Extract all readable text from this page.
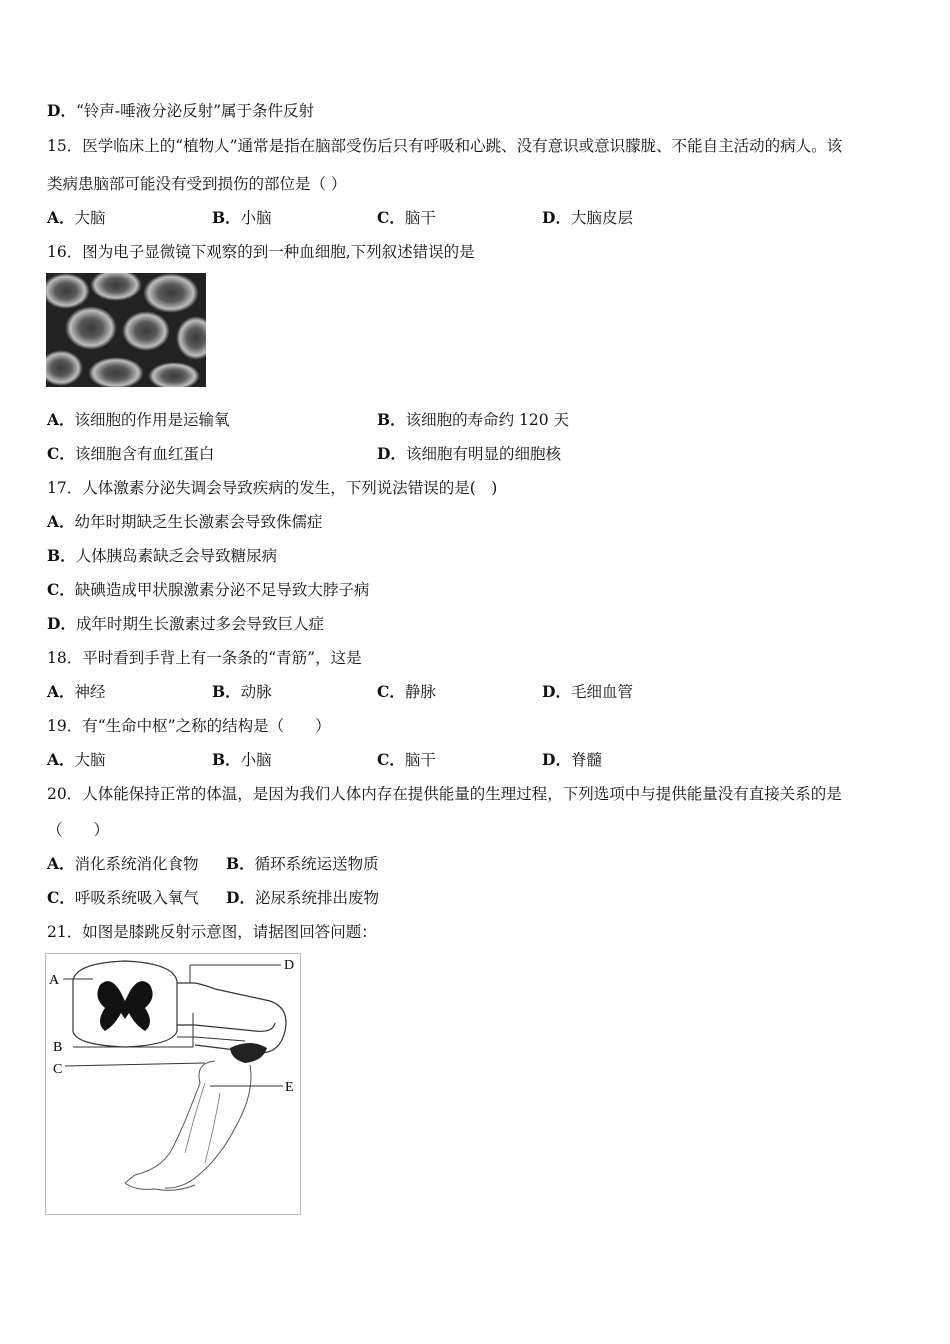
D．“铃声-唾液分泌反射”属于条件反射
15．医学临床上的“植物人”通常是指在脑部受伤后只有呼吸和心跳、没有意识或意识朦胧、不能自主活动的病人。该
类病患脑部可能没有受到损伤的部位是（ ）
A．大脑	B．小脑	C．脑干	D．大脑皮层
16．图为电子显微镜下观察的到一种血细胞,下列叙述错误的是
A．该细胞的作用是运输氧	B．该细胞的寿命约 120 天
C．该细胞含有血红蛋白	D．该细胞有明显的细胞核
17．人体激素分泌失调会导致疾病的发生，下列说法错误的是(　)
A．幼年时期缺乏生长激素会导致侏儒症
B．人体胰岛素缺乏会导致糖尿病
C．缺碘造成甲状腺激素分泌不足导致大脖子病
D．成年时期生长激素过多会导致巨人症
18．平时看到手背上有一条条的“青筋”，这是
A．神经	B．动脉	C．静脉	D．毛细血管
19．有“生命中枢”之称的结构是（　　）
A．大脑	B．小脑	C．脑干	D．脊髓
20．人体能保持正常的体温，是因为我们人体内存在提供能量的生理过程，下列选项中与提供能量没有直接关系的是
（　　）
A．消化系统消化食物 B．循环系统运送物质
C．呼吸系统吸入氧气 D．泌尿系统排出废物
21．如图是膝跳反射示意图，请据图回答问题：
A
B
C
D
E
